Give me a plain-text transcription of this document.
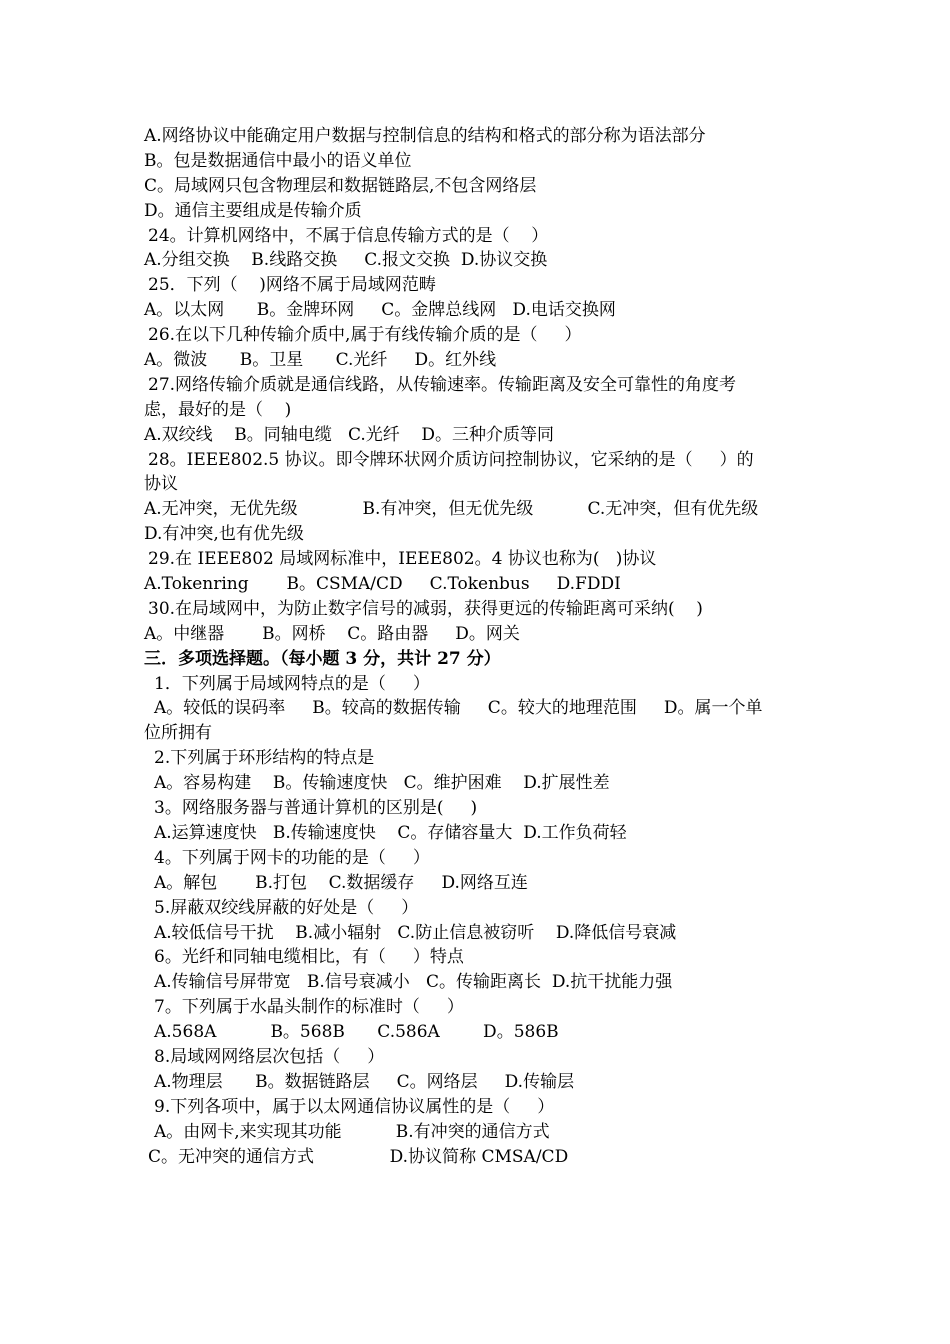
A.网络协议中能确定用户数据与控制信息的结构和格式的部分称为语法部分
B。包是数据通信中最小的语义单位
C。局域网只包含物理层和数据链路层,不包含网络层
D。通信主要组成是传输介质
24。计算机网络中，不属于信息传输方式的是（    ）
A.分组交换    B.线路交换     C.报文交换  D.协议交换
25．下列（    )网络不属于局域网范畴
A。以太网      B。金牌环网     C。金牌总线网   D.电话交换网
26.在以下几种传输介质中,属于有线传输介质的是（     ）
A。微波      B。卫星      C.光纤     D。红外线
27.网络传输介质就是通信线路，从传输速率。传输距离及安全可靠性的角度考
虑，最好的是（    )
A.双绞线    B。同轴电缆   C.光纤    D。三种介质等同
28。IEEE802.5 协议。即令牌环状网介质访问控制协议，它采纳的是（     ）的
协议
A.无冲突，无优先级            B.有冲突，但无优先级          C.无冲突，但有优先级
D.有冲突,也有优先级
29.在 IEEE802 局域网标准中，IEEE802。4 协议也称为(   )协议
A.Tokenring       B。CSMA/CD     C.Tokenbus     D.FDDI
30.在局域网中，为防止数字信号的减弱，获得更远的传输距离可采纳(    )
A。中继器       B。网桥    C。路由器     D。网关
三．多项选择题。（每小题 3 分，共计 27 分）
1．下列属于局域网特点的是（     ）
A。较低的误码率     B。较高的数据传输     C。较大的地理范围     D。属一个单
位所拥有
2.下列属于环形结构的特点是
A。容易构建    B。传输速度快   C。维护困难    D.扩展性差
3。网络服务器与普通计算机的区别是(     )
A.运算速度快   B.传输速度快    C。存储容量大  D.工作负荷轻
4。下列属于网卡的功能的是（     ）
A。解包       B.打包    C.数据缓存     D.网络互连
5.屏蔽双绞线屏蔽的好处是（     ）
A.较低信号干扰    B.减小辐射   C.防止信息被窃听    D.降低信号衰减
6。光纤和同轴电缆相比，有（     ）特点
A.传输信号屏带宽   B.信号衰减小   C。传输距离长  D.抗干扰能力强
7。下列属于水晶头制作的标准时（     ）
A.568A          B。568B      C.586A        D。586B
8.局域网网络层次包括（     ）
A.物理层      B。数据链路层     C。网络层     D.传输层
9.下列各项中，属于以太网通信协议属性的是（     ）
A。由网卡,来实现其功能          B.有冲突的通信方式
C。无冲突的通信方式              D.协议简称 CMSA/CD
